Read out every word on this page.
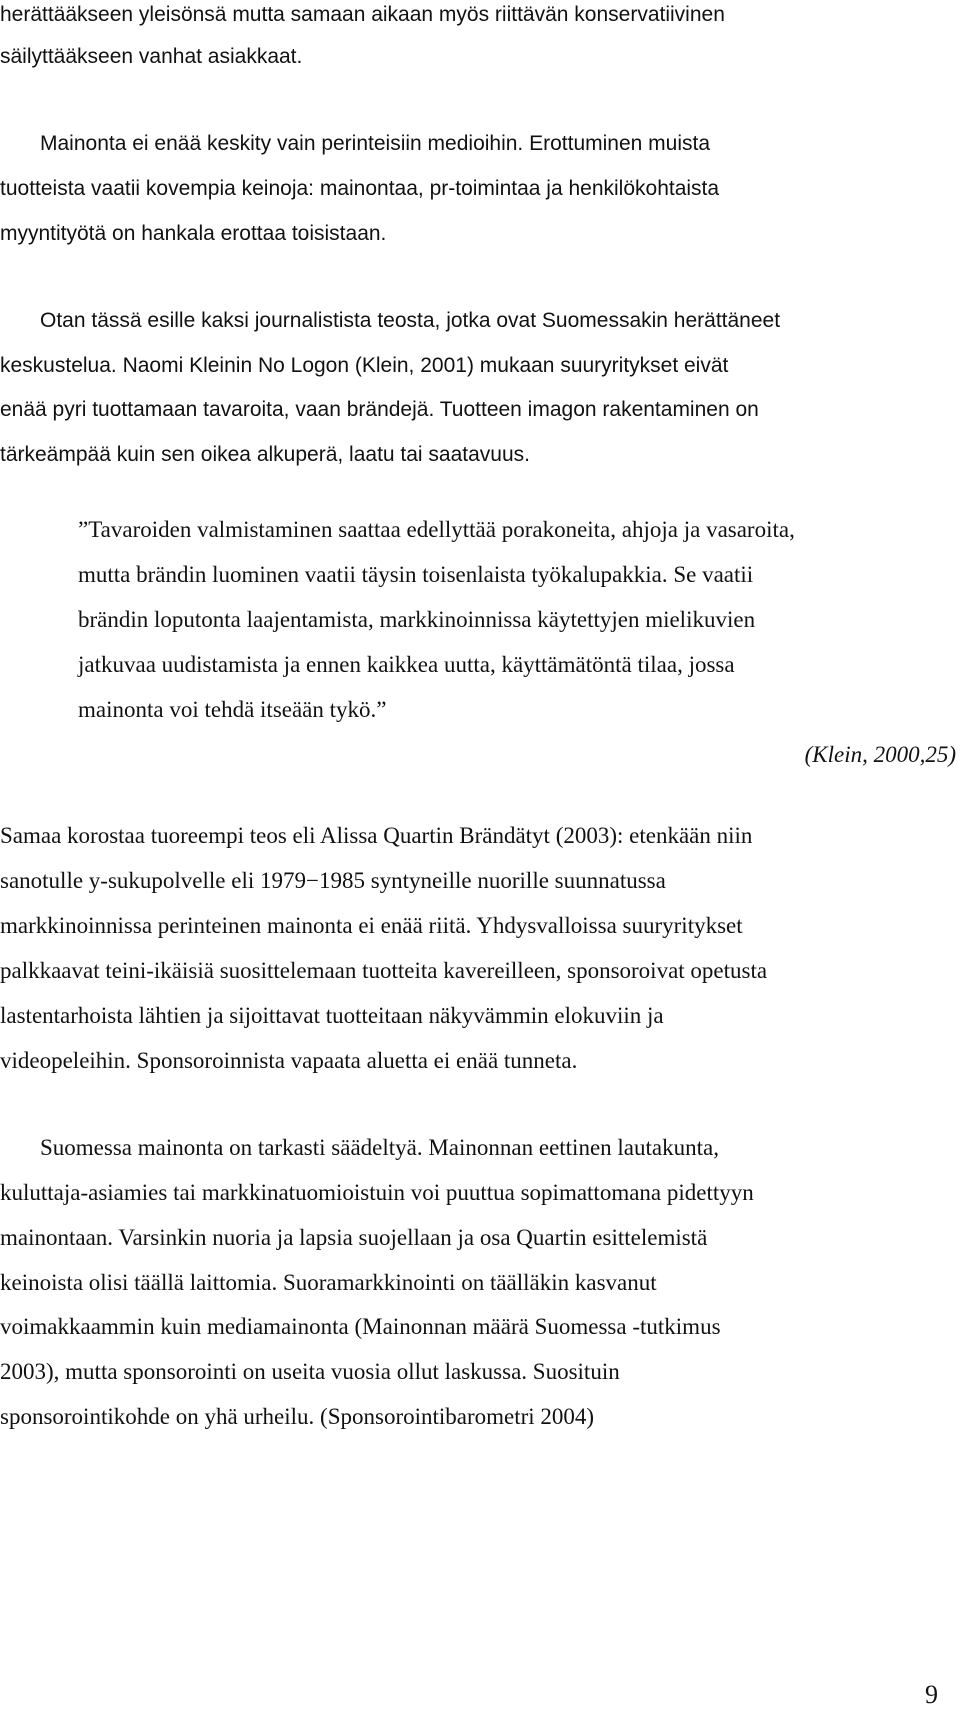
herättääkseen yleisönsä mutta samaan aikaan myös riittävän konservatiivinen
säilyttääkseen vanhat asiakkaat.
Mainonta ei enää keskity vain perinteisiin medioihin. Erottuminen muista
tuotteista vaatii kovempia keinoja: mainontaa, pr-toimintaa ja henkilökohtaista
myyntityötä on hankala erottaa toisistaan.
Otan tässä esille kaksi journalistista teosta, jotka ovat Suomessakin herättäneet
keskustelua. Naomi Kleinin No Logon (Klein, 2001) mukaan suuryritykset eivät
enää pyri tuottamaan tavaroita, vaan brändejä. Tuotteen imagon rakentaminen on
tärkeämpää kuin sen oikea alkuperä, laatu tai saatavuus.
”Tavaroiden valmistaminen saattaa edellyttää porakoneita, ahjoja ja vasaroita,
mutta brändin luominen vaatii täysin toisenlaista työkalupakkia. Se vaatii
brändin loputonta laajentamista, markkinoinnissa käytettyjen mielikuvien
jatkuvaa uudistamista ja ennen kaikkea uutta, käyttämätöntä tilaa, jossa
mainonta voi tehdä itseään tykö.”
(Klein, 2000,25)
Samaa korostaa tuoreempi teos eli Alissa Quartin Brändätyt (2003): etenkään niin
sanotulle y-sukupolvelle eli 1979−1985 syntyneille nuorille suunnatussa
markkinoinnissa perinteinen mainonta ei enää riitä. Yhdysvalloissa suuryritykset
palkkaavat teini-ikäisiä suosittelemaan tuotteita kavereilleen, sponsoroivat opetusta
lastentarhoista lähtien ja sijoittavat tuotteitaan näkyvämmin elokuviin ja
videopeleihin. Sponsoroinnista vapaata aluetta ei enää tunneta.
Suomessa mainonta on tarkasti säädeltyä. Mainonnan eettinen lautakunta,
kuluttaja-asiamies tai markkinatuomioistuin voi puuttua sopimattomana pidettyyn
mainontaan. Varsinkin nuoria ja lapsia suojellaan ja osa Quartin esittelemistä
keinoista olisi täällä laittomia. Suoramarkkinointi on täälläkin kasvanut
voimakkaammin kuin mediamainonta (Mainonnan määrä Suomessa -tutkimus
2003), mutta sponsorointi on useita vuosia ollut laskussa. Suosituin
sponsorointikohde on yhä urheilu. (Sponsorointibarometri 2004)
9
